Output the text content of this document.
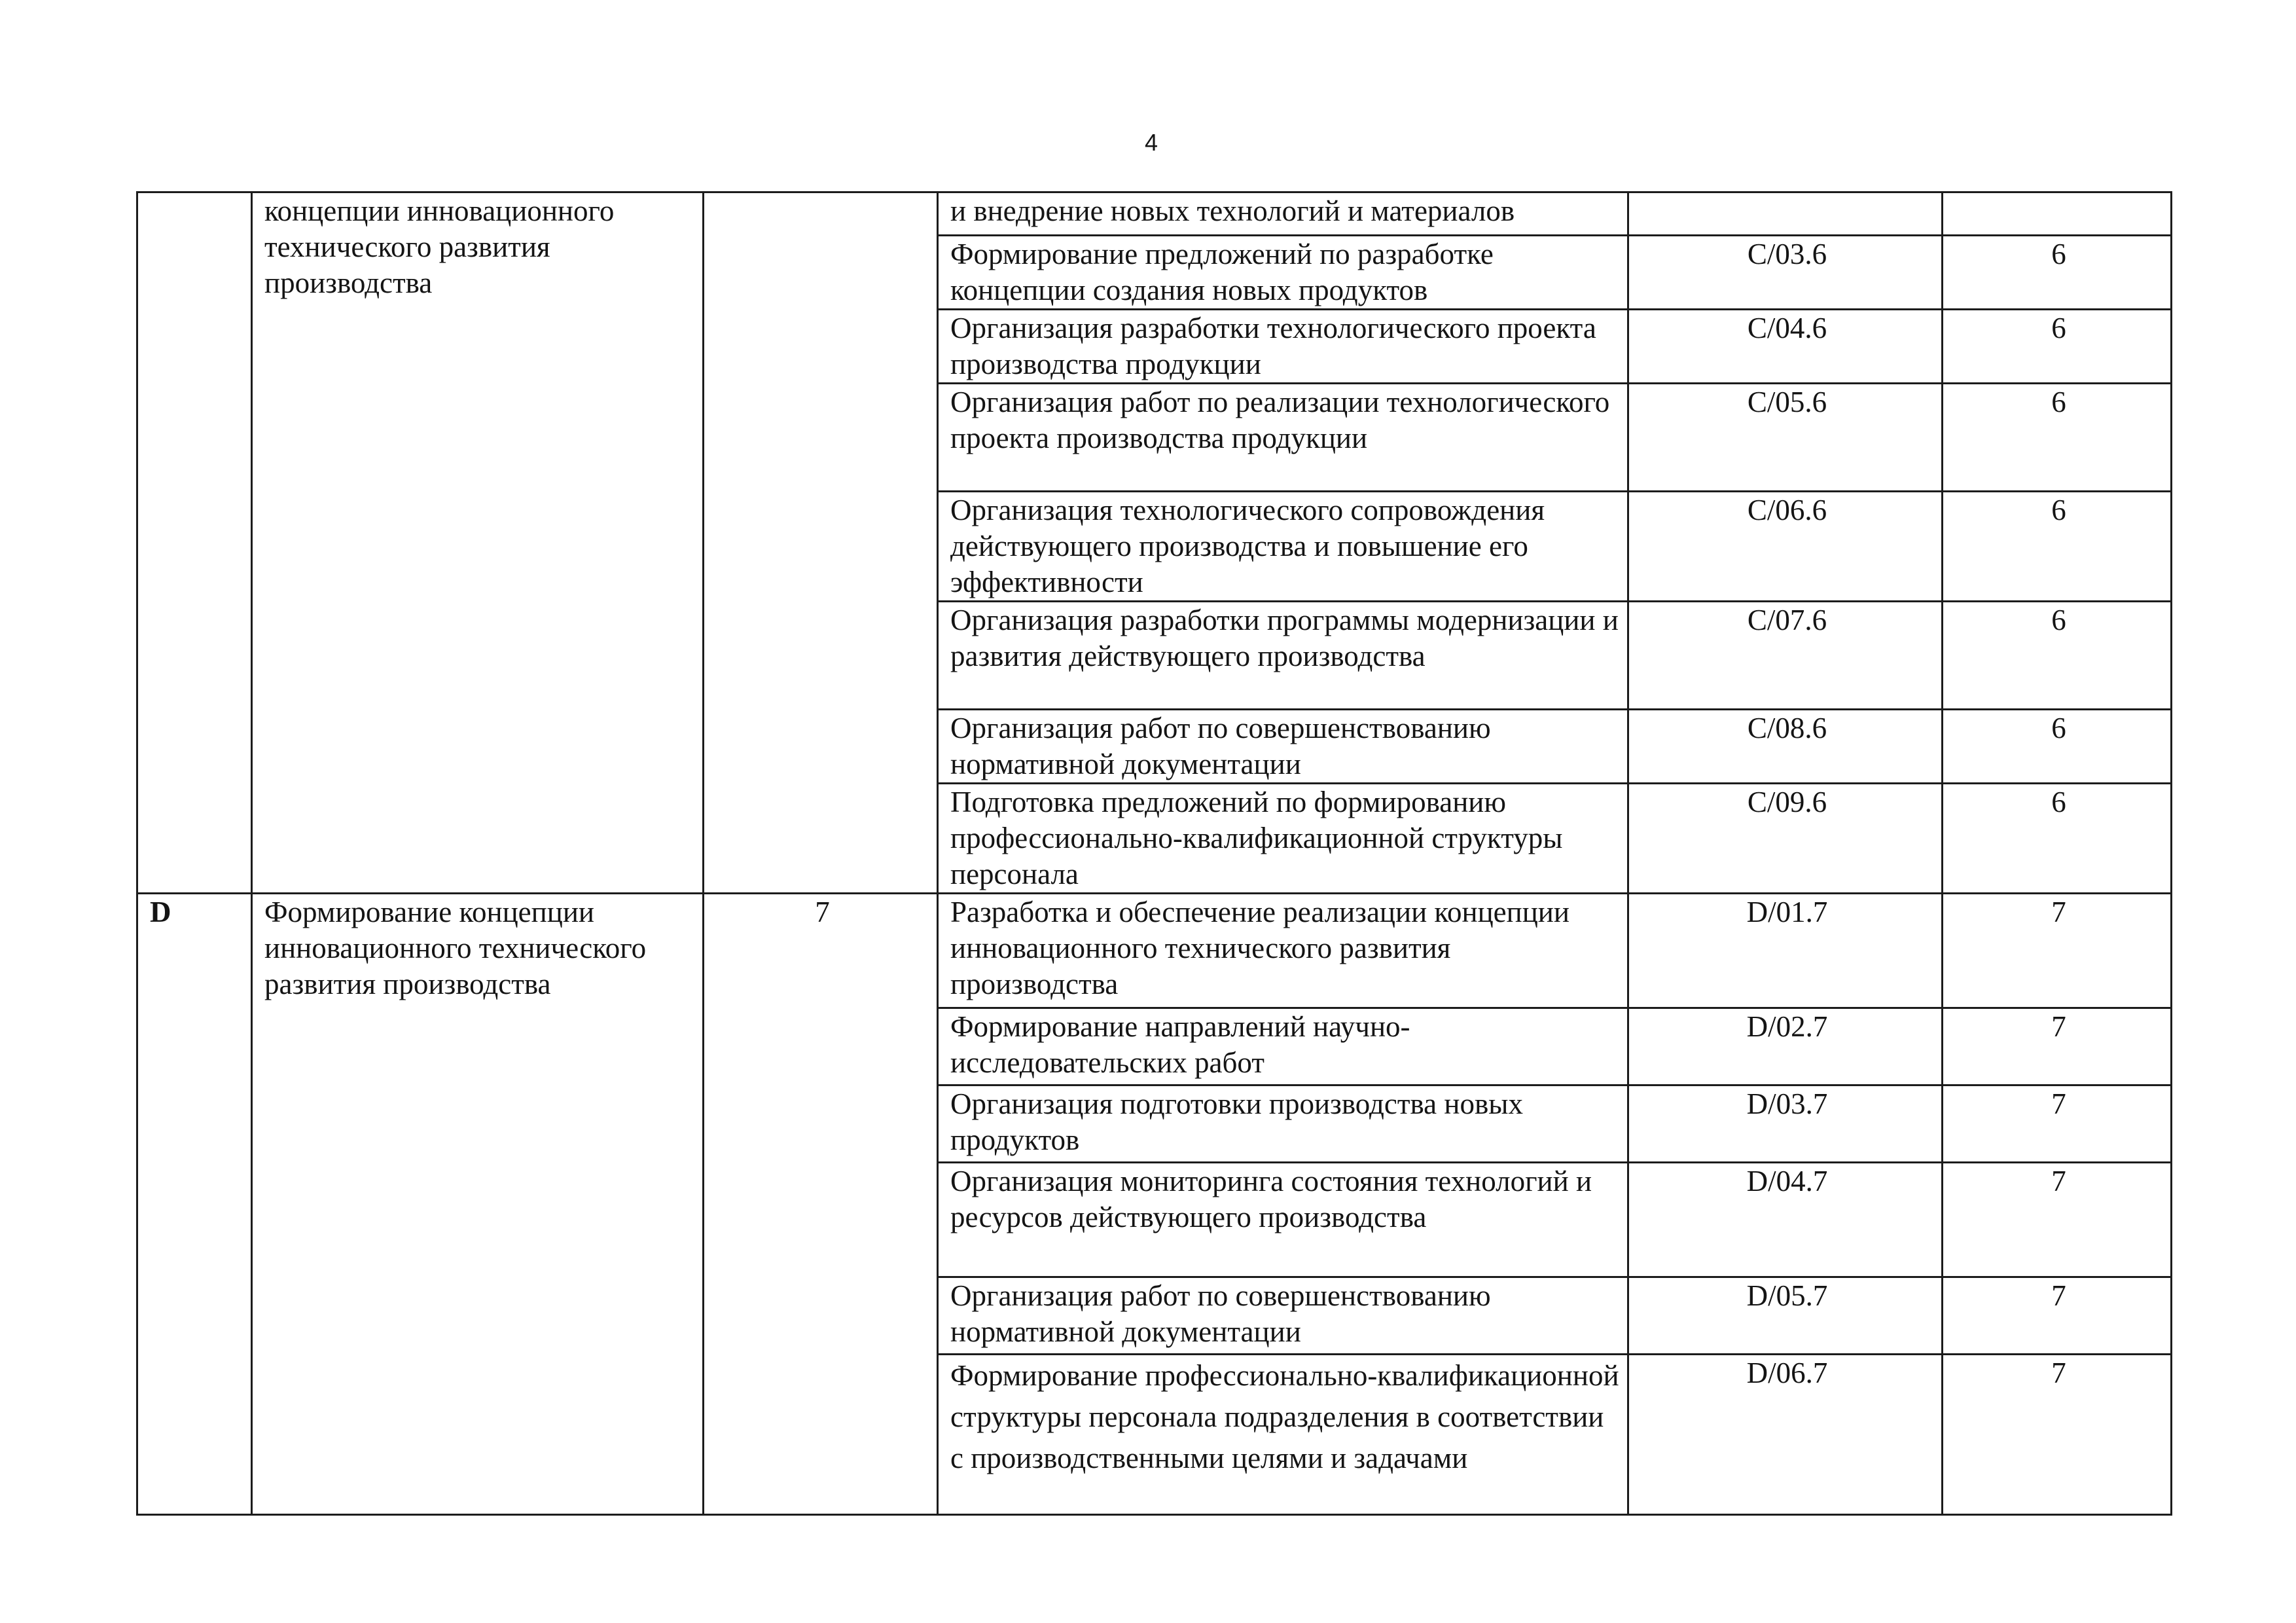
4
	концепции инновационного технического развития производства		и внедрение новых технологий и материалов		
			Формирование предложений по разработке концепции создания новых продуктов	C/03.6	6
			Организация разработки технологического проекта производства продукции	C/04.6	6
			Организация работ по реализации технологического проекта производства продукции	C/05.6	6
			Организация технологического сопровождения действующего производства и повышение его эффективности	C/06.6	6
			Организация разработки программы модернизации и развития действующего производства	C/07.6	6
			Организация работ по совершенствованию нормативной документации	C/08.6	6
			Подготовка предложений по формированию профессионально-квалификационной структуры персонала	C/09.6	6
D	Формирование концепции инновационного технического развития производства	7	Разработка и обеспечение реализации концепции инновационного технического развития производства	D/01.7	7
			Формирование направлений научно-исследовательских работ	D/02.7	7
			Организация подготовки производства новых продуктов	D/03.7	7
			Организация мониторинга состояния технологий и ресурсов действующего производства	D/04.7	7
			Организация работ по совершенствованию нормативной документации	D/05.7	7
			Формирование профессионально-квалификационной структуры персонала подразделения в соответствии с производственными целями и задачами	D/06.7	7
